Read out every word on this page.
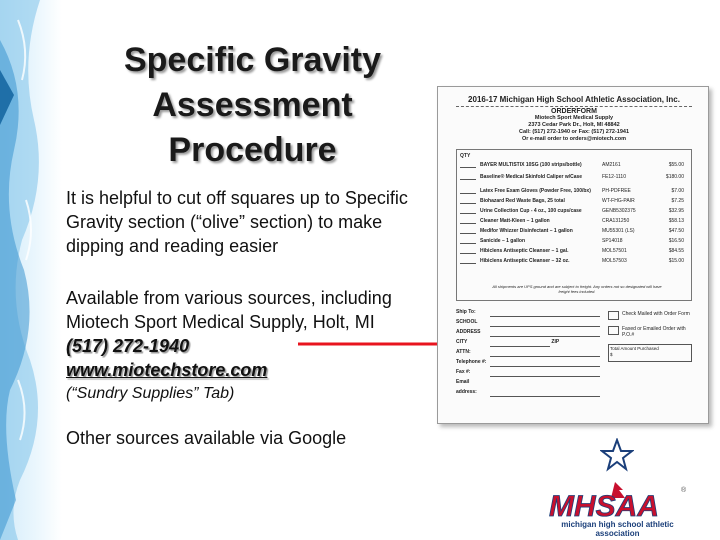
Specific Gravity
Assessment
Procedure
It is helpful to cut off squares up to Specific Gravity section (“olive” section) to make dipping and reading easier
Available from various sources, including Miotech Sport Medical Supply, Holt, MI
(517) 272-1940
www.miotechstore.com
(“Sundry Supplies” Tab)
Other sources available via Google
2016-17 Michigan High School Athletic Association, Inc.
ORDERFORM
Miotech Sport Medical Supply
2373 Cedar Park Dr., Holt, MI 48842
Call: (517) 272-1940 or Fax: (517) 272-1941
Or e-mail order to orders@miotech.com
QTY
BAYER MULTISTIX 10SG (100 strips/bottle)	AM2161	$55.00
Baseline® Medical Skinfold Caliper w/Case	FE12-1110	$180.00
Latex Free Exam Gloves (Powder Free, 100/bx)	PH-PDFREE	$7.00
Biohazard Red Waste Bags, 25 total	WT-FHG-PAIR	$7.25
Urine Collection Cup - 4 oz., 100 cups/case	GENB5302375	$32.95
Cleaner Matt-Kleen – 1 gallon	CRA131250	$58.13
Medifor Whizzer Disinfectant – 1 gallon	MU55301 (LS)	$47.50
Sanicide – 1 gallon	SP14018	$16.50
Hibiclens Antiseptic Cleanser – 1 gal.	MOL57501	$84.55
Hibiclens Antiseptic Cleanser – 32 oz.	MOL57503	$15.00
All shipments are UPS ground and are subject to freight. Any orders not so designated will have freight fees included.
Ship To:
SCHOOL
ADDRESS
CITY	ZIP
ATTN:
Telephone #:
Fax #:
Email address:
Check Mailed with Order Form
Faxed or Emailed Order with P.O.#
Total Amount Purchased
$
MHSAA	®
michigan high school athletic association
